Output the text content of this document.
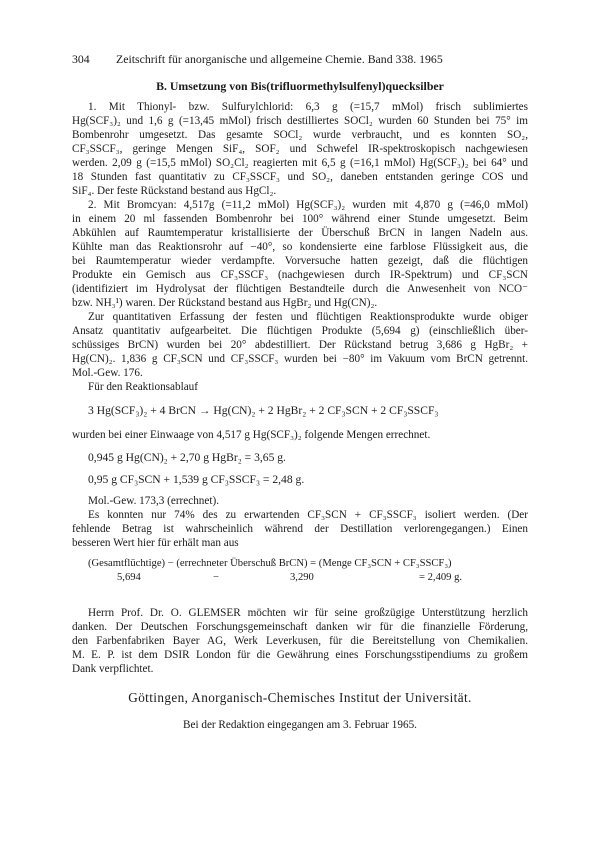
304 Zeitschrift für anorganische und allgemeine Chemie. Band 338. 1965
B. Umsetzung von Bis(trifluormethylsulfenyl)quecksilber
1. Mit Thionyl- bzw. Sulfurylchlorid: 6,3 g (=15,7 mMol) frisch sublimiertes
Hg(SCF₃)₂ und 1,6 g (=13,45 mMol) frisch destilliertes SOCl₂ wurden 60 Stunden bei 75° im
Bombenrohr umgesetzt. Das gesamte SOCl₂ wurde verbraucht, und es konnten SO₂,
CF₃SSCF₃, geringe Mengen SiF₄, SOF₂ und Schwefel IR-spektroskopisch nachgewiesen
werden. 2,09 g (=15,5 mMol) SO₂Cl₂ reagierten mit 6,5 g (=16,1 mMol) Hg(SCF₃)₂ bei 64° und
18 Stunden fast quantitativ zu CF₃SSCF₃ und SO₂, daneben entstanden geringe COS und
SiF₄. Der feste Rückstand bestand aus HgCl₂.
2. Mit Bromcyan: 4,517g (=11,2 mMol) Hg(SCF₃)₂ wurden mit 4,870 g (=46,0 mMol)
in einem 20 ml fassenden Bombenrohr bei 100° während einer Stunde umgesetzt. Beim
Abkühlen auf Raumtemperatur kristallisierte der Überschuß BrCN in langen Nadeln aus.
Kühlte man das Reaktionsrohr auf −40°, so kondensierte eine farblose Flüssigkeit aus, die
bei Raumtemperatur wieder verdampfte. Vorversuche hatten gezeigt, daß die flüchtigen
Produkte ein Gemisch aus CF₃SSCF₃ (nachgewiesen durch IR-Spektrum) und CF₃SCN
(identifiziert im Hydrolysat der flüchtigen Bestandteile durch die Anwesenheit von NCO⁻
bzw. NH₃¹) waren. Der Rückstand bestand aus HgBr₂ und Hg(CN)₂.
Zur quantitativen Erfassung der festen und flüchtigen Reaktionsprodukte wurde obiger
Ansatz quantitativ aufgearbeitet. Die flüchtigen Produkte (5,694 g) (einschließlich über-
schüssiges BrCN) wurden bei 20° abdestilliert. Der Rückstand betrug 3,686 g HgBr₂ +
Hg(CN)₂. 1,836 g CF₃SCN und CF₃SSCF₃ wurden bei −80° im Vakuum vom BrCN getrennt.
Mol.-Gew. 176.
Für den Reaktionsablauf
3 Hg(SCF₃)₂ + 4 BrCN → Hg(CN)₂ + 2 HgBr₂ + 2 CF₃SCN + 2 CF₃SSCF₃
wurden bei einer Einwaage von 4,517 g Hg(SCF₃)₂ folgende Mengen errechnet.
0,945 g Hg(CN)₂ + 2,70 g HgBr₂ = 3,65 g.
0,95 g CF₃SCN + 1,539 g CF₃SSCF₃ = 2,48 g.
Mol.-Gew. 173,3 (errechnet).
Es konnten nur 74% des zu erwartenden CF₃SCN + CF₃SSCF₃ isoliert werden. (Der
fehlende Betrag ist wahrscheinlich während der Destillation verlorengegangen.) Einen
besseren Wert hier für erhält man aus
(Gesamtflüchtige) − (errechneter Überschuß BrCN) = (Menge CF₃SCN + CF₃SSCF₃)
5,694	−	3,290	= 2,409 g.
Herrn Prof. Dr. O. GLEMSER möchten wir für seine großzügige Unterstützung herzlich
danken. Der Deutschen Forschungsgemeinschaft danken wir für die finanzielle Förderung,
den Farbenfabriken Bayer AG, Werk Leverkusen, für die Bereitstellung von Chemikalien.
M. E. P. ist dem DSIR London für die Gewährung eines Forschungsstipendiums zu großem
Dank verpflichtet.
Göttingen, Anorganisch-Chemisches Institut der Universität.
Bei der Redaktion eingegangen am 3. Februar 1965.
